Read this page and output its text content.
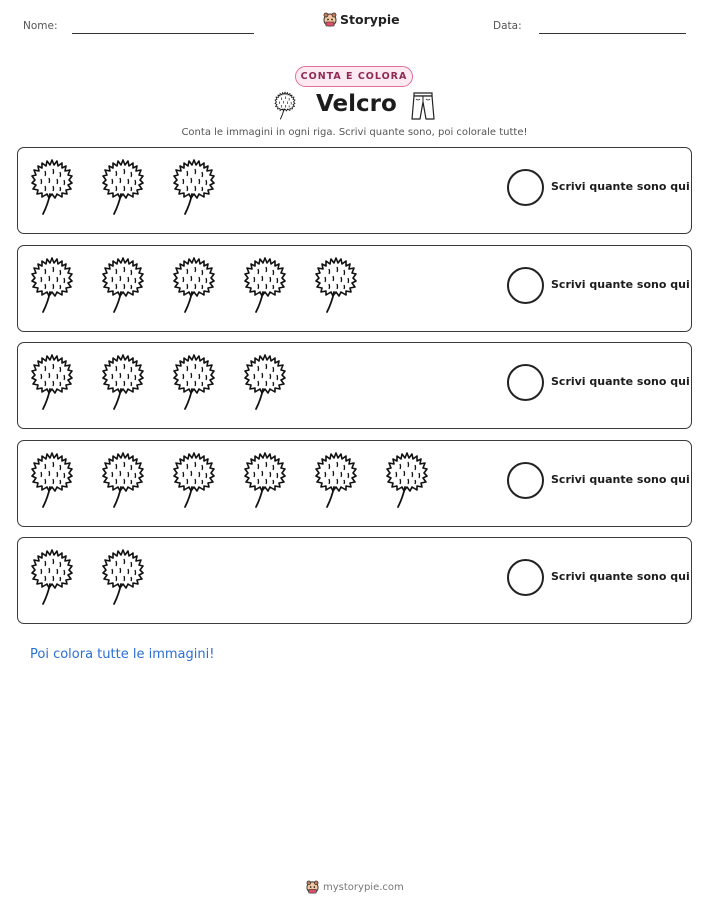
Nome:	Storypie	Data:
CONTA E COLORA
Velcro
Conta le immagini in ogni riga. Scrivi quante sono, poi colorale tutte!
Scrivi quante sono qui
Scrivi quante sono qui
Scrivi quante sono qui
Scrivi quante sono qui
Scrivi quante sono qui
Poi colora tutte le immagini!
mystorypie.com
